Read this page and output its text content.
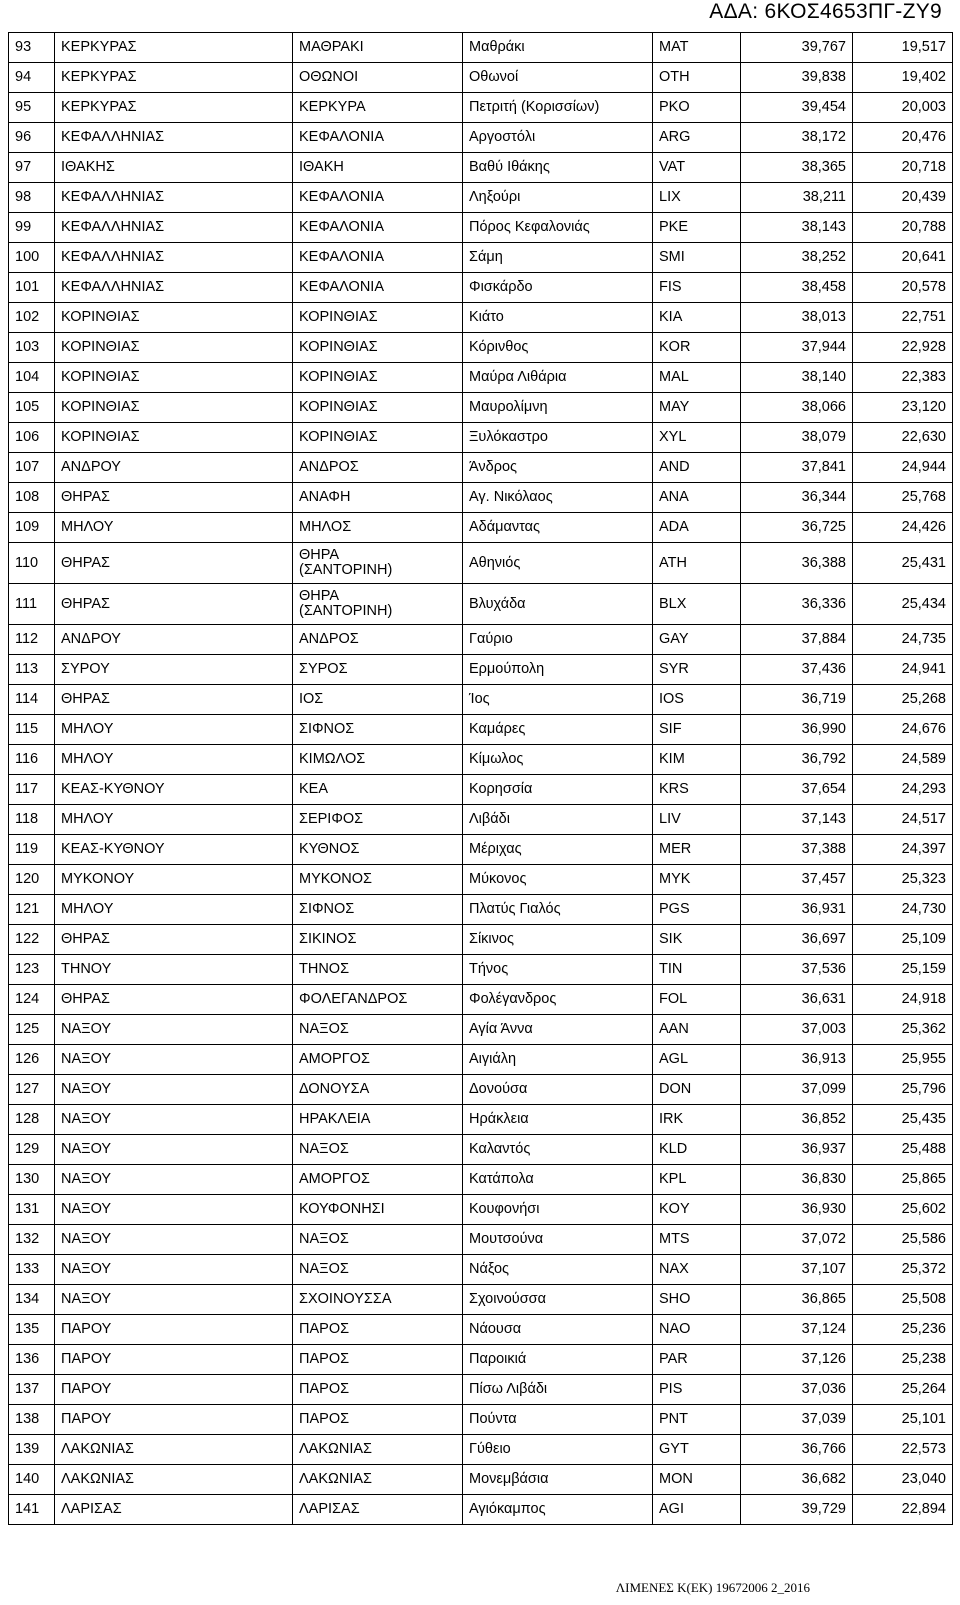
ΑΔΑ: 6ΚΟΣ4653ΠΓ-ΖΥ9
93	ΚΕΡΚΥΡΑΣ	ΜΑΘΡΑΚΙ	Μαθράκι	MAT	39,767	19,517
94	ΚΕΡΚΥΡΑΣ	ΟΘΩΝΟΙ	Οθωνοί	OTH	39,838	19,402
95	ΚΕΡΚΥΡΑΣ	ΚΕΡΚΥΡΑ	Πετριτή (Κορισσίων)	PKO	39,454	20,003
96	ΚΕΦΑΛΛΗΝΙΑΣ	ΚΕΦΑΛΟΝΙΑ	Αργοστόλι	ARG	38,172	20,476
97	ΙΘΑΚΗΣ	ΙΘΑΚΗ	Βαθύ Ιθάκης	VAT	38,365	20,718
98	ΚΕΦΑΛΛΗΝΙΑΣ	ΚΕΦΑΛΟΝΙΑ	Ληξούρι	LIX	38,211	20,439
99	ΚΕΦΑΛΛΗΝΙΑΣ	ΚΕΦΑΛΟΝΙΑ	Πόρος Κεφαλονιάς	PKE	38,143	20,788
100	ΚΕΦΑΛΛΗΝΙΑΣ	ΚΕΦΑΛΟΝΙΑ	Σάμη	SMI	38,252	20,641
101	ΚΕΦΑΛΛΗΝΙΑΣ	ΚΕΦΑΛΟΝΙΑ	Φισκάρδο	FIS	38,458	20,578
102	ΚΟΡΙΝΘΙΑΣ	ΚΟΡΙΝΘΙΑΣ	Κιάτο	KIA	38,013	22,751
103	ΚΟΡΙΝΘΙΑΣ	ΚΟΡΙΝΘΙΑΣ	Κόρινθος	KOR	37,944	22,928
104	ΚΟΡΙΝΘΙΑΣ	ΚΟΡΙΝΘΙΑΣ	Μαύρα Λιθάρια	MAL	38,140	22,383
105	ΚΟΡΙΝΘΙΑΣ	ΚΟΡΙΝΘΙΑΣ	Μαυρολίμνη	MAY	38,066	23,120
106	ΚΟΡΙΝΘΙΑΣ	ΚΟΡΙΝΘΙΑΣ	Ξυλόκαστρο	XYL	38,079	22,630
107	ΑΝΔΡΟΥ	ΑΝΔΡΟΣ	Άνδρος	AND	37,841	24,944
108	ΘΗΡΑΣ	ΑΝΑΦΗ	Αγ. Νικόλαος	ANA	36,344	25,768
109	ΜΗΛΟΥ	ΜΗΛΟΣ	Αδάμαντας	ADA	36,725	24,426
110	ΘΗΡΑΣ	ΘΗΡΑ
(ΣΑΝΤΟΡΙΝΗ)	Αθηνιός	ATH	36,388	25,431
111	ΘΗΡΑΣ	ΘΗΡΑ
(ΣΑΝΤΟΡΙΝΗ)	Βλυχάδα	BLX	36,336	25,434
112	ΑΝΔΡΟΥ	ΑΝΔΡΟΣ	Γαύριο	GAY	37,884	24,735
113	ΣΥΡΟΥ	ΣΥΡΟΣ	Ερμούπολη	SYR	37,436	24,941
114	ΘΗΡΑΣ	ΙΟΣ	Ίος	IOS	36,719	25,268
115	ΜΗΛΟΥ	ΣΙΦΝΟΣ	Καμάρες	SIF	36,990	24,676
116	ΜΗΛΟΥ	ΚΙΜΩΛΟΣ	Κίμωλος	KIM	36,792	24,589
117	ΚΕΑΣ-ΚΥΘΝΟΥ	ΚΕΑ	Κορησσία	KRS	37,654	24,293
118	ΜΗΛΟΥ	ΣΕΡΙΦΟΣ	Λιβάδι	LIV	37,143	24,517
119	ΚΕΑΣ-ΚΥΘΝΟΥ	ΚΥΘΝΟΣ	Μέριχας	MER	37,388	24,397
120	ΜΥΚΟΝΟΥ	ΜΥΚΟΝΟΣ	Μύκονος	MYK	37,457	25,323
121	ΜΗΛΟΥ	ΣΙΦΝΟΣ	Πλατύς Γιαλός	PGS	36,931	24,730
122	ΘΗΡΑΣ	ΣΙΚΙΝΟΣ	Σίκινος	SIK	36,697	25,109
123	ΤΗΝΟΥ	ΤΗΝΟΣ	Τήνος	TIN	37,536	25,159
124	ΘΗΡΑΣ	ΦΟΛΕΓΑΝΔΡΟΣ	Φολέγανδρος	FOL	36,631	24,918
125	ΝΑΞΟΥ	ΝΑΞΟΣ	Αγία Άννα	AAN	37,003	25,362
126	ΝΑΞΟΥ	ΑΜΟΡΓΟΣ	Αιγιάλη	AGL	36,913	25,955
127	ΝΑΞΟΥ	ΔΟΝΟΥΣΑ	Δονούσα	DON	37,099	25,796
128	ΝΑΞΟΥ	ΗΡΑΚΛΕΙΑ	Ηράκλεια	IRK	36,852	25,435
129	ΝΑΞΟΥ	ΝΑΞΟΣ	Καλαντός	KLD	36,937	25,488
130	ΝΑΞΟΥ	ΑΜΟΡΓΟΣ	Κατάπολα	KPL	36,830	25,865
131	ΝΑΞΟΥ	ΚΟΥΦΟΝΗΣΙ	Κουφονήσι	KOY	36,930	25,602
132	ΝΑΞΟΥ	ΝΑΞΟΣ	Μουτσούνα	MTS	37,072	25,586
133	ΝΑΞΟΥ	ΝΑΞΟΣ	Νάξος	NAX	37,107	25,372
134	ΝΑΞΟΥ	ΣΧΟΙΝΟΥΣΣΑ	Σχοινούσσα	SHO	36,865	25,508
135	ΠΑΡΟΥ	ΠΑΡΟΣ	Νάουσα	NAO	37,124	25,236
136	ΠΑΡΟΥ	ΠΑΡΟΣ	Παροικιά	PAR	37,126	25,238
137	ΠΑΡΟΥ	ΠΑΡΟΣ	Πίσω Λιβάδι	PIS	37,036	25,264
138	ΠΑΡΟΥ	ΠΑΡΟΣ	Πούντα	PNT	37,039	25,101
139	ΛΑΚΩΝΙΑΣ	ΛΑΚΩΝΙΑΣ	Γύθειο	GYT	36,766	22,573
140	ΛΑΚΩΝΙΑΣ	ΛΑΚΩΝΙΑΣ	Μονεμβάσια	MON	36,682	23,040
141	ΛΑΡΙΣΑΣ	ΛΑΡΙΣΑΣ	Αγιόκαμπος	AGI	39,729	22,894
ΛΙΜΕΝΕΣ Κ(ΕΚ) 19672006 2_2016
